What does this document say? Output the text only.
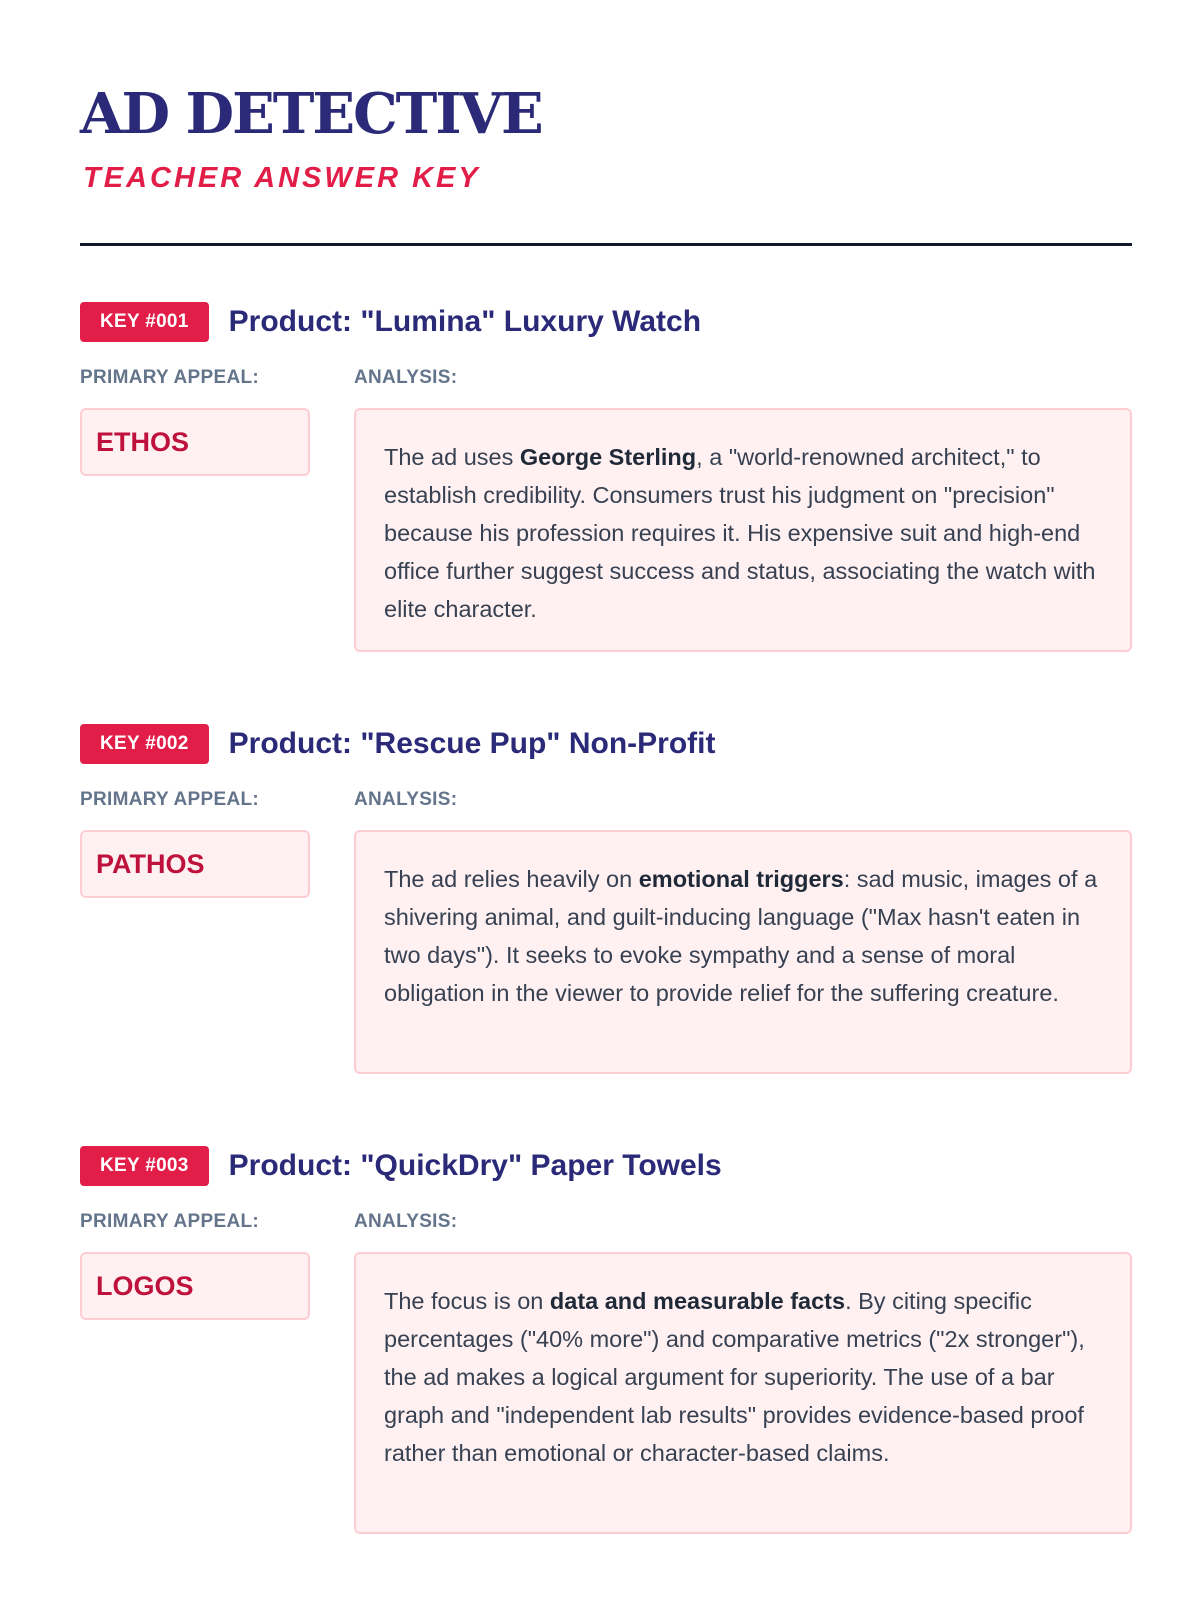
AD DETECTIVE
TEACHER ANSWER KEY
KEY #001	Product: "Lumina" Luxury Watch
PRIMARY APPEAL:	ANALYSIS:
ETHOS	The ad uses George Sterling, a "world-renowned architect," to establish credibility. Consumers trust his judgment on "precision" because his profession requires it. His expensive suit and high-end office further suggest success and status, associating the watch with elite character.
KEY #002	Product: "Rescue Pup" Non-Profit
PRIMARY APPEAL:	ANALYSIS:
PATHOS	The ad relies heavily on emotional triggers: sad music, images of a shivering animal, and guilt-inducing language ("Max hasn't eaten in two days"). It seeks to evoke sympathy and a sense of moral obligation in the viewer to provide relief for the suffering creature.
KEY #003	Product: "QuickDry" Paper Towels
PRIMARY APPEAL:	ANALYSIS:
LOGOS	The focus is on data and measurable facts. By citing specific percentages ("40% more") and comparative metrics ("2x stronger"), the ad makes a logical argument for superiority. The use of a bar graph and "independent lab results" provides evidence-based proof rather than emotional or character-based claims.
